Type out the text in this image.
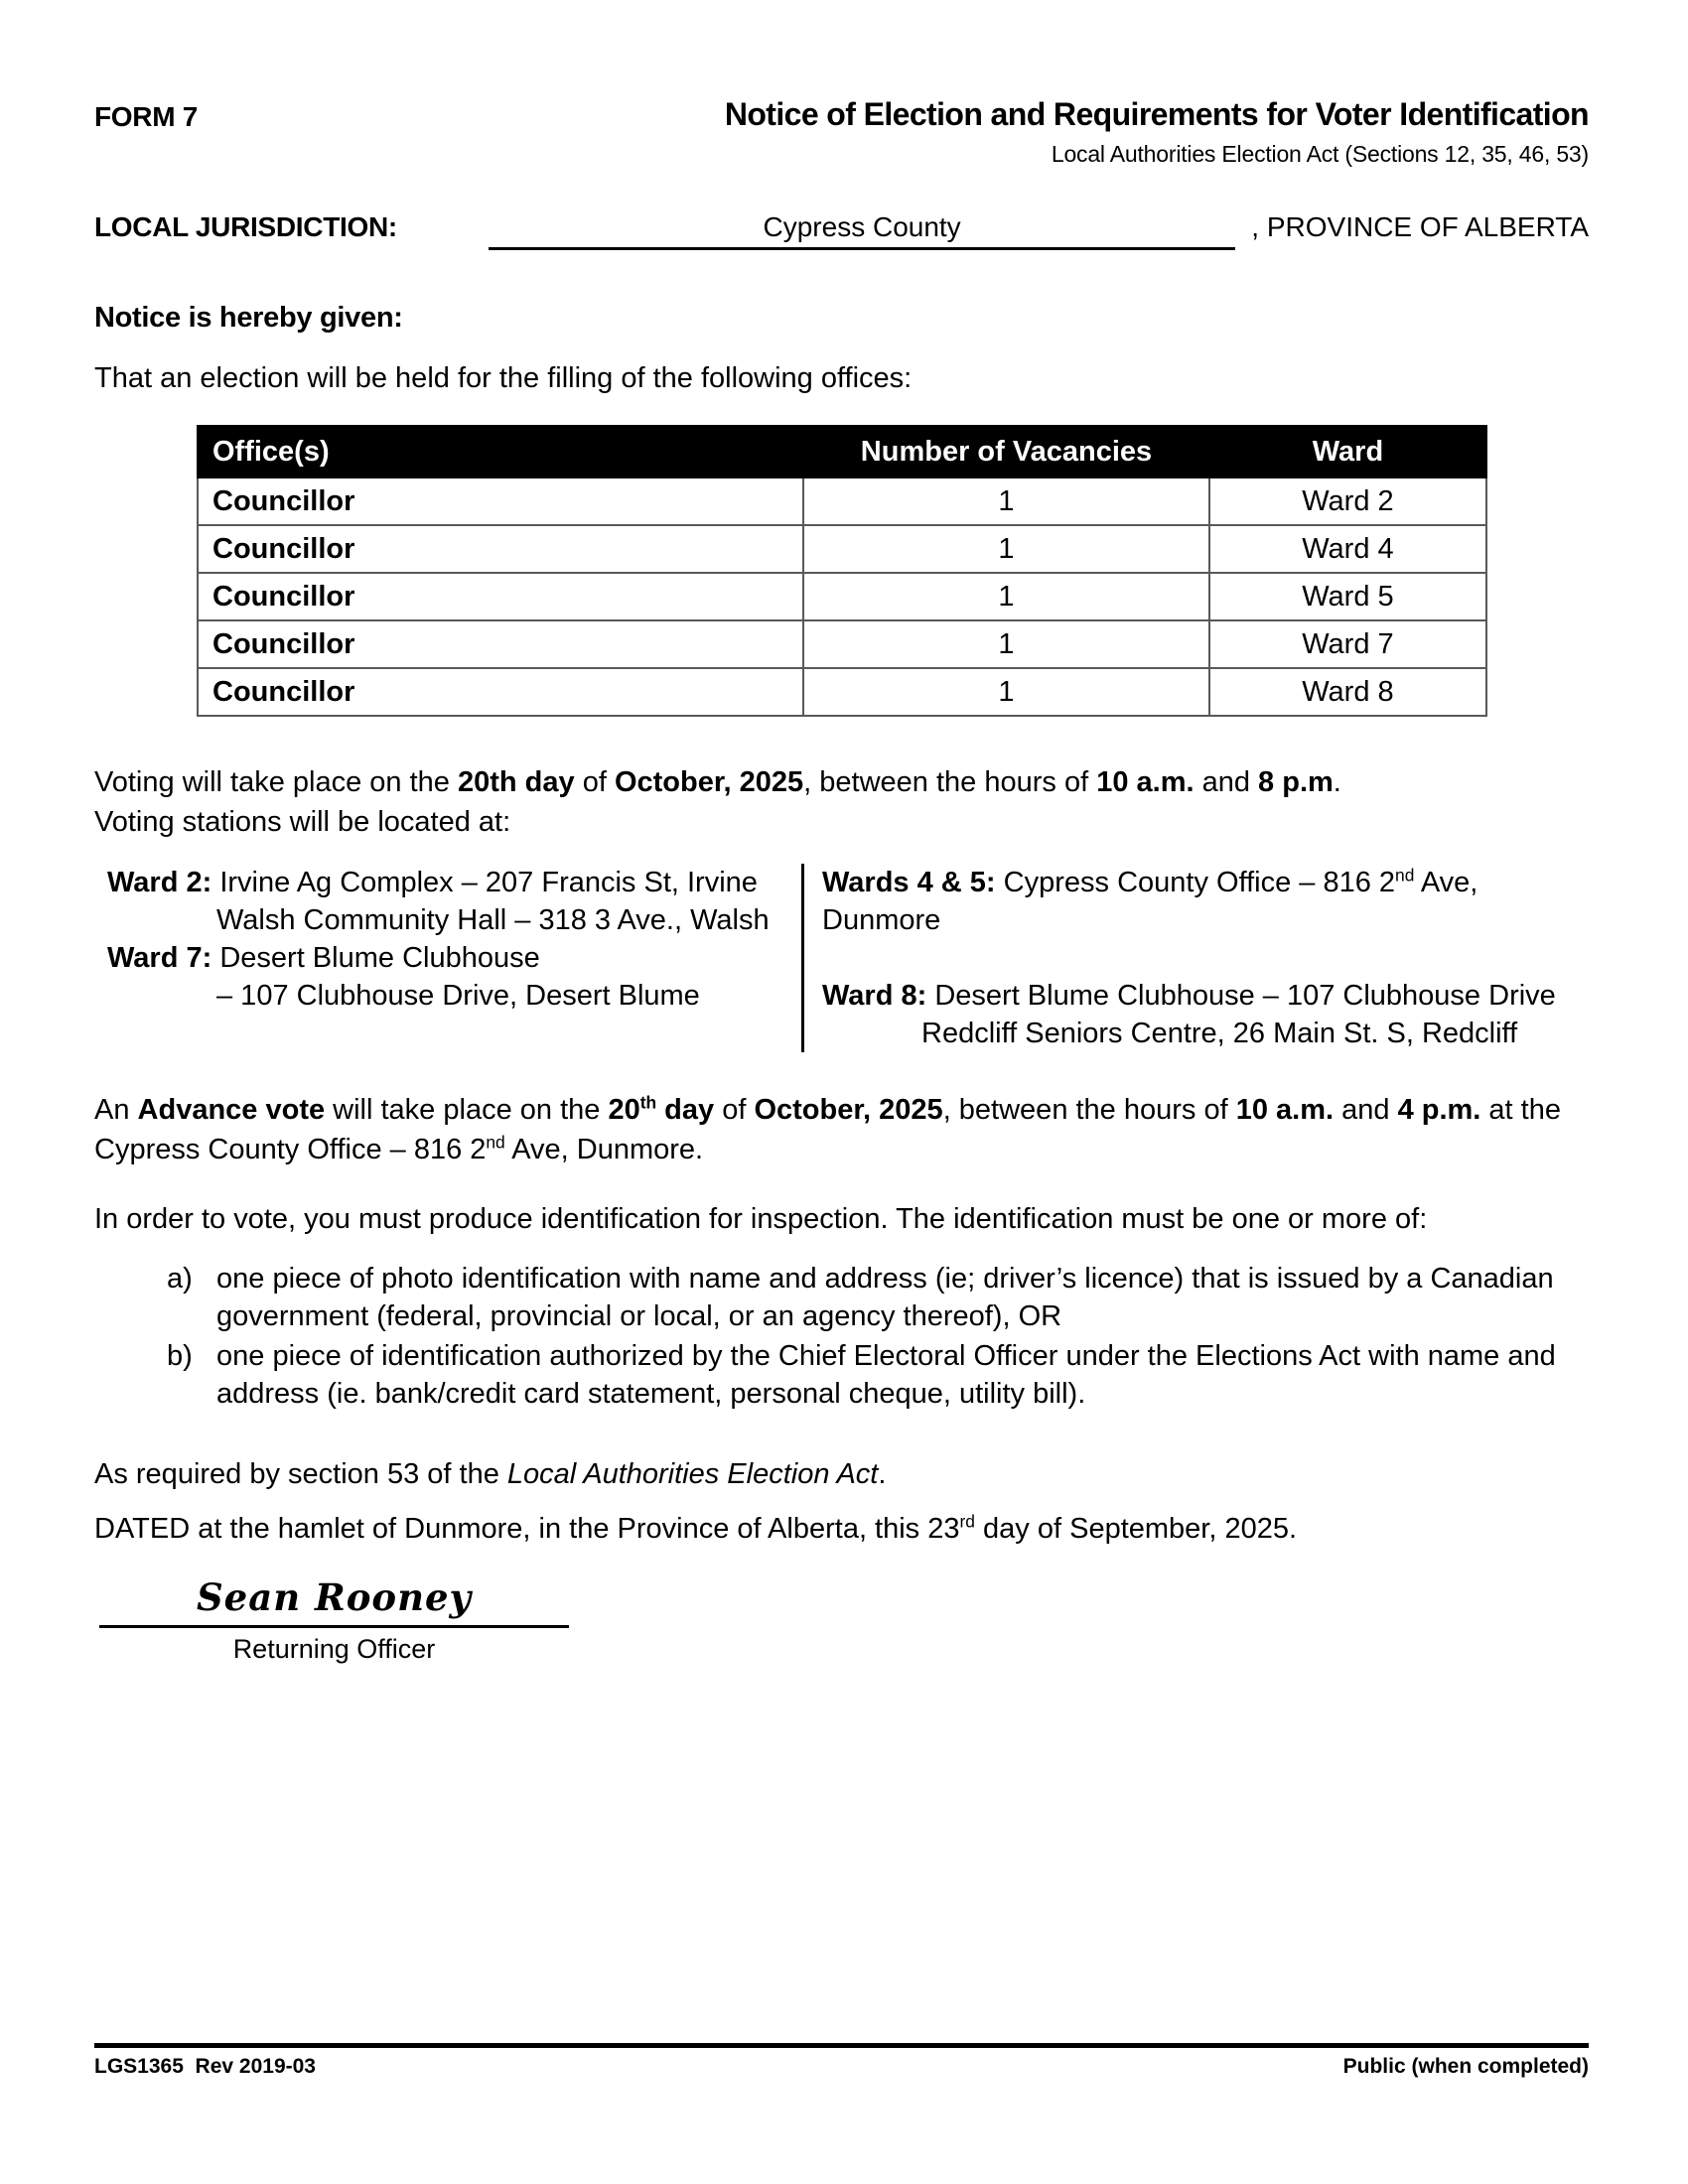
FORM 7	Notice of Election and Requirements for Voter Identification
Local Authorities Election Act (Sections 12, 35, 46, 53)
LOCAL JURISDICTION:	Cypress County	, PROVINCE OF ALBERTA
Notice is hereby given:
That an election will be held for the filling of the following offices:
Office(s)	Number of Vacancies	Ward
Councillor	1	Ward 2
Councillor	1	Ward 4
Councillor	1	Ward 5
Councillor	1	Ward 7
Councillor	1	Ward 8
Voting will take place on the 20th day of October, 2025, between the hours of 10 a.m. and 8 p.m.
Voting stations will be located at:
Ward 2: Irvine Ag Complex – 207 Francis St, Irvine
Walsh Community Hall – 318 3 Ave., Walsh
Ward 7: Desert Blume Clubhouse
– 107 Clubhouse Drive, Desert Blume
Wards 4 & 5: Cypress County Office – 816 2nd Ave, Dunmore
Ward 8: Desert Blume Clubhouse – 107 Clubhouse Drive
Redcliff Seniors Centre, 26 Main St. S, Redcliff
An Advance vote will take place on the 20th day of October, 2025, between the hours of 10 a.m. and 4 p.m. at the
Cypress County Office – 816 2nd Ave, Dunmore.
In order to vote, you must produce identification for inspection. The identification must be one or more of:
a) one piece of photo identification with name and address (ie; driver’s licence) that is issued by a Canadian
government (federal, provincial or local, or an agency thereof), OR
b) one piece of identification authorized by the Chief Electoral Officer under the Elections Act with name and
address (ie. bank/credit card statement, personal cheque, utility bill).
As required by section 53 of the Local Authorities Election Act.
DATED at the hamlet of Dunmore, in the Province of Alberta, this 23rd day of September, 2025.
Sean Rooney
Returning Officer
LGS1365  Rev 2019-03	Public (when completed)
